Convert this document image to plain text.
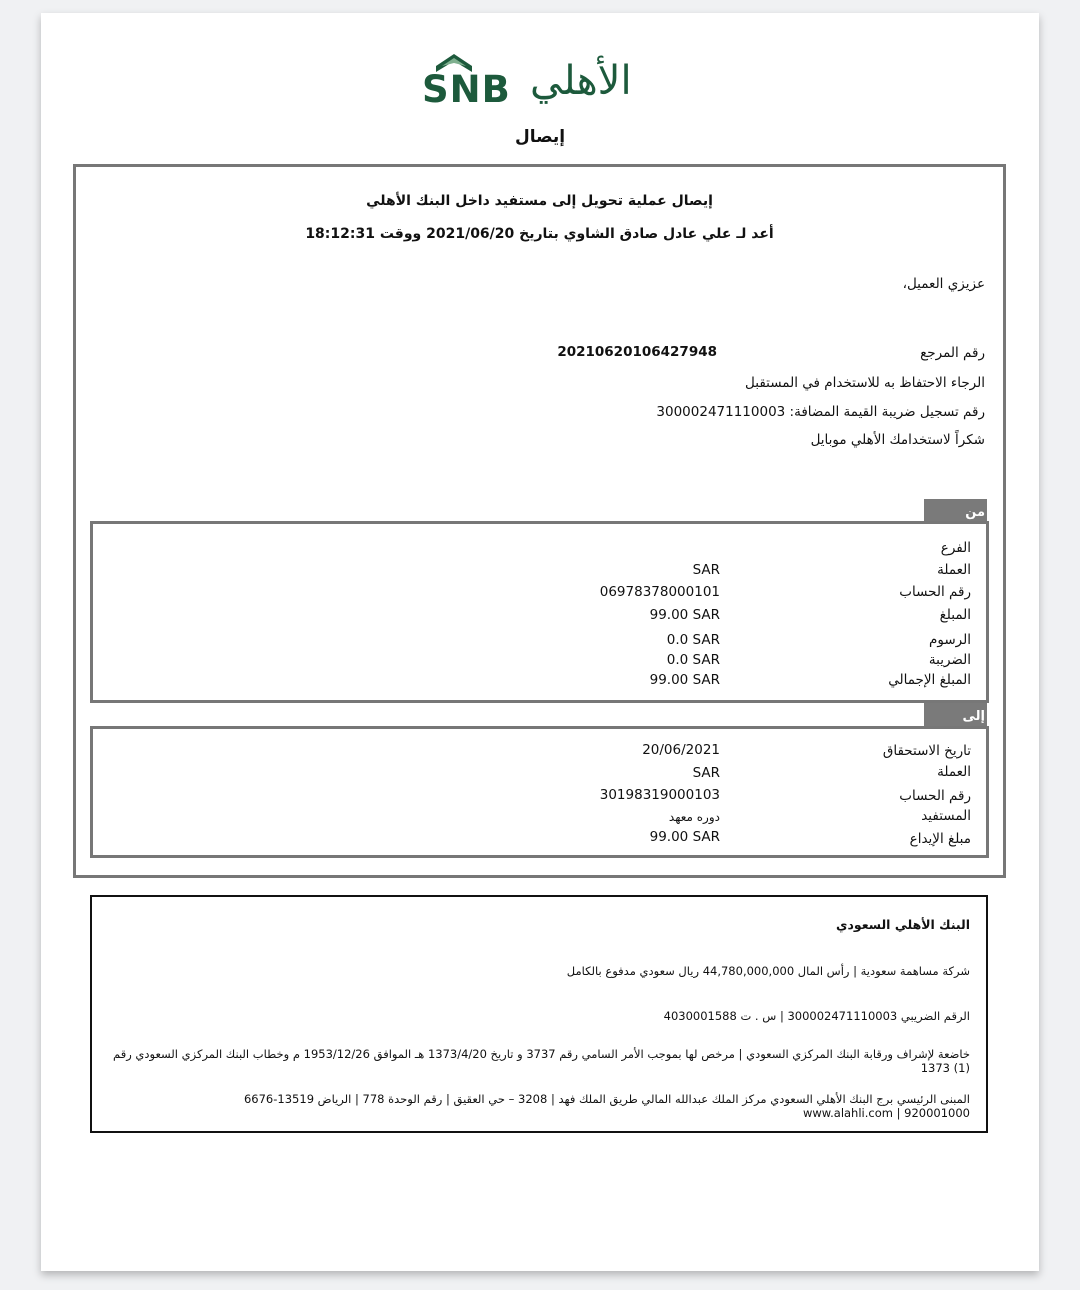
SNB الأهلي
إيصال
إيصال عملية تحويل إلى مستفيد داخل البنك الأهلي
أعد لـ علي عادل صادق الشاوي بتاريخ 2021/06/20 ووقت 18:12:31
عزيزي العميل،
رقم المرجع
20210620106427948
الرجاء الاحتفاظ به للاستخدام في المستقبل
رقم تسجيل ضريبة القيمة المضافة: 300002471110003
شكراً لاستخدامك الأهلي موبايل
من
الفرع
العملة
SAR
رقم الحساب
06978378000101
المبلغ
99.00 SAR
الرسوم
0.0 SAR
الضريبة
0.0 SAR
المبلغ الإجمالي
99.00 SAR
إلى
تاريخ الاستحقاق
20/06/2021
العملة
SAR
رقم الحساب
30198319000103
المستفيد
دوره معهد
مبلغ الإيداع
99.00 SAR
البنك الأهلي السعودي
شركة مساهمة سعودية | رأس المال 44,780,000,000 ريال سعودي مدفوع بالكامل
الرقم الضريبي 300002471110003 | س . ت 4030001588
خاضعة لإشراف ورقابة البنك المركزي السعودي | مرخص لها بموجب الأمر السامي رقم 3737 و تاريخ 1373/4/20 هـ الموافق 1953/12/26 م وخطاب البنك المركزي السعودي رقم (1) 1373
المبنى الرئيسي برج البنك الأهلي السعودي مركز الملك عبدالله المالي طريق الملك فهد | 3208 – حي العقيق | رقم الوحدة 778 | الرياض 13519-6676
www.alahli.com | 920001000
